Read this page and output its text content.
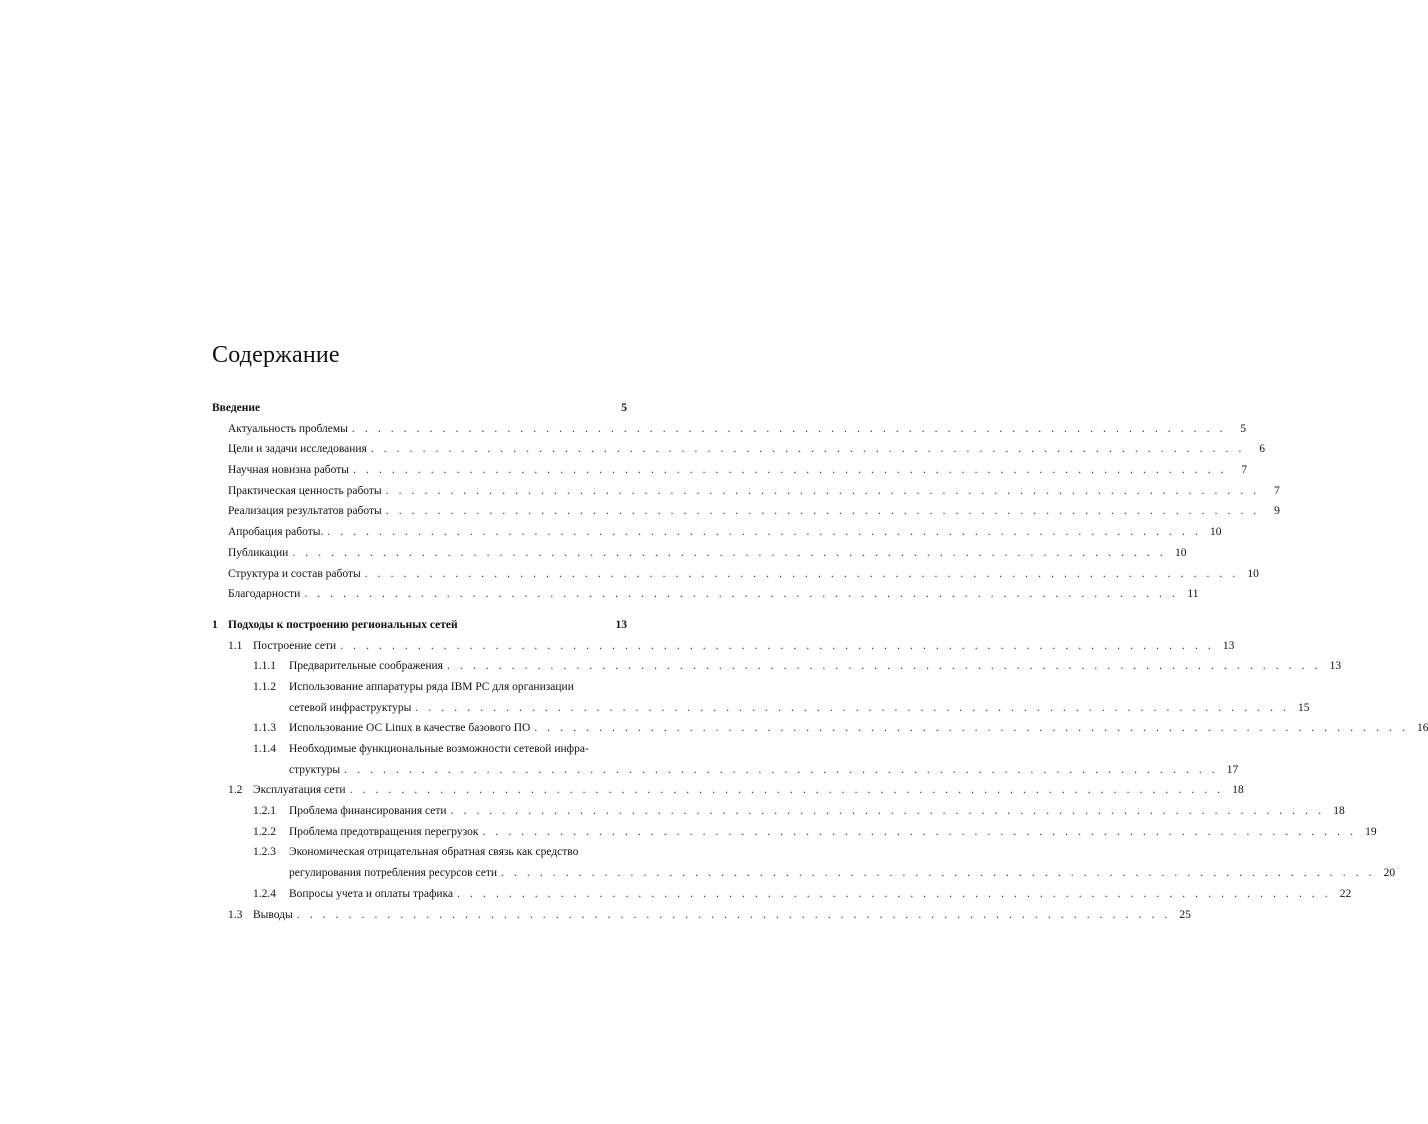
Содержание
Введение	5
Актуальность проблемы . . .	5
Цели и задачи исследования . . .	6
Научная новизна работы . . .	7
Практическая ценность работы . . .	7
Реализация результатов работы . . .	9
Апробация работы. . . .	10
Публикации . . .	10
Структура и состав работы . . .	10
Благодарности . . .	11
1 Подходы к построению региональных сетей	13
1.1 Построение сети . . .	13
1.1.1	Предварительные соображения . . .	13
1.1.2	Использование аппаратуры ряда IBM PC для организации
сетевой инфраструктуры . . .	15
1.1.3	Использование ОС Linux в качестве базового ПО . . .	16
1.1.4	Необходимые функциональные возможности сетевой инфра-
структуры . . .	17
1.2 Эксплуатация сети . . .	18
1.2.1	Проблема финансирования сети . . .	18
1.2.2	Проблема предотвращения перегрузок . . .	19
1.2.3	Экономическая отрицательная обратная связь как средство
регулирования потребления ресурсов сети . . .	20
1.2.4	Вопросы учета и оплаты трафика . . .	22
1.3 Выводы . . .	25
